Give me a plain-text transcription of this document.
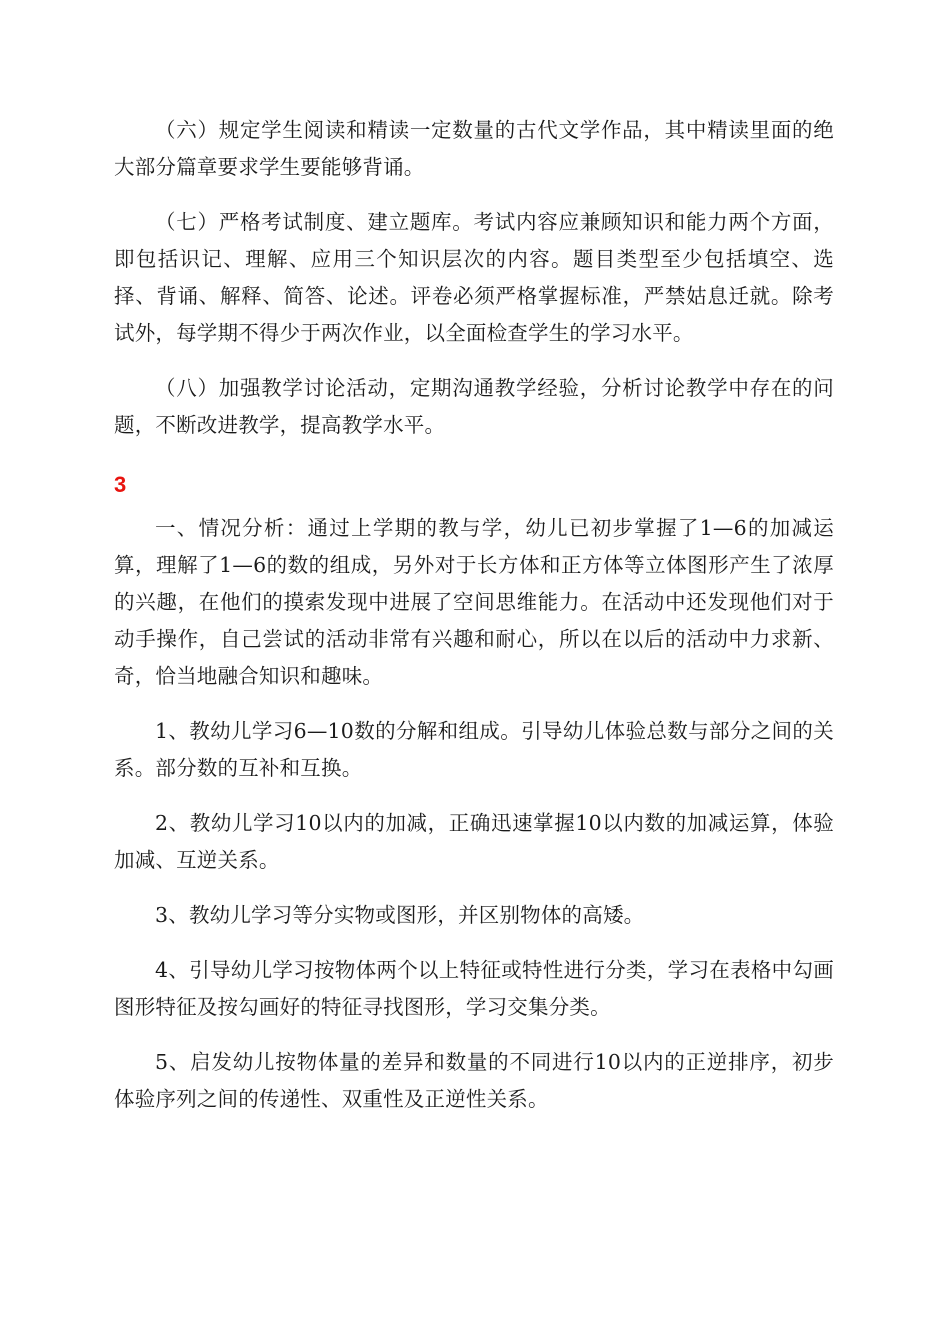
（六）规定学生阅读和精读一定数量的古代文学作品，其中精读里面的绝大部分篇章要求学生要能够背诵。

（七）严格考试制度、建立题库。考试内容应兼顾知识和能力两个方面，即包括识记、理解、应用三个知识层次的内容。题目类型至少包括填空、选择、背诵、解释、简答、论述。评卷必须严格掌握标准，严禁姑息迁就。除考试外，每学期不得少于两次作业，以全面检查学生的学习水平。

（八）加强教学讨论活动，定期沟通教学经验，分析讨论教学中存在的问题，不断改进教学，提高教学水平。

3

一、情况分析：通过上学期的教与学，幼儿已初步掌握了1—6的加减运算，理解了1—6的数的组成，另外对于长方体和正方体等立体图形产生了浓厚的兴趣，在他们的摸索发现中进展了空间思维能力。在活动中还发现他们对于动手操作，自己尝试的活动非常有兴趣和耐心，所以在以后的活动中力求新、奇，恰当地融合知识和趣味。

1、教幼儿学习6—10数的分解和组成。引导幼儿体验总数与部分之间的关系。部分数的互补和互换。

2、教幼儿学习10以内的加减，正确迅速掌握10以内数的加减运算，体验加减、互逆关系。

3、教幼儿学习等分实物或图形，并区别物体的高矮。

4、引导幼儿学习按物体两个以上特征或特性进行分类，学习在表格中勾画图形特征及按勾画好的特征寻找图形，学习交集分类。

5、启发幼儿按物体量的差异和数量的不同进行10以内的正逆排序，初步体验序列之间的传递性、双重性及正逆性关系。
